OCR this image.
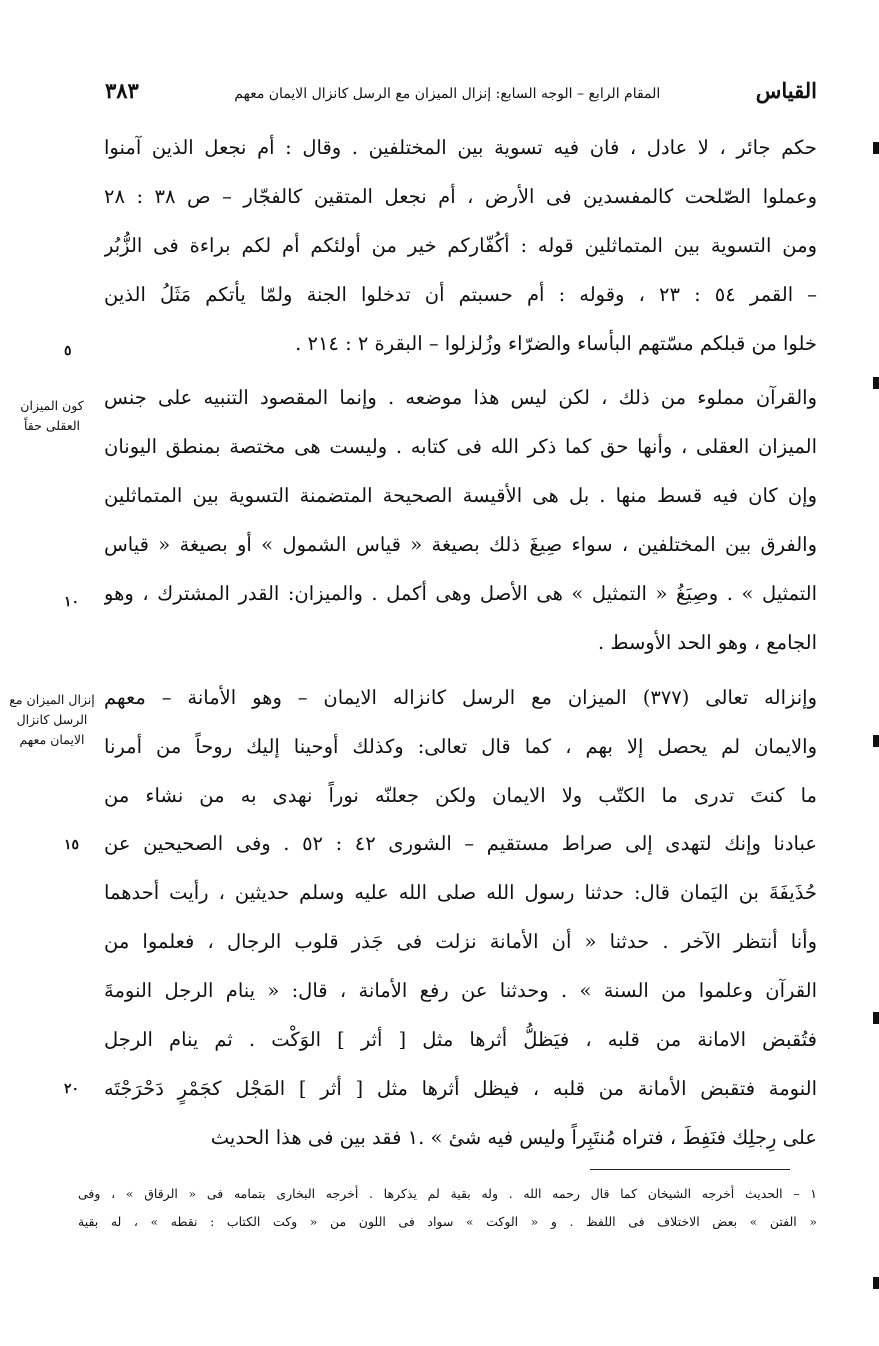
القياس
المقام الرابع – الوجه السابع: إنزال الميزان مع الرسل كانزال الايمان معهم
٣٨٣
حكم جائر ، لا عادل ، فان فيه تسوية بين المختلفين . وقال : أم نجعل الذين آمنوا
وعملوا الصّلحت كالمفسدين فى الأرض ، أم نجعل المتقين كالفجّار – ص ٣٨ : ٢٨
ومن التسوية بين المتماثلين قوله : أكُفّاركم خير من أولئكم أم لكم براءة فى الزُّبُر
– القمر ٥٤ : ٢٣ ، وقوله : أم حسبتم أن تدخلوا الجنة ولمّا يأتكم مَثَلُ الذين
خلوا من قبلكم مسّتهم البأساء والضرّاء وزُلزلوا – البقرة ٢ : ٢١٤ .
والقرآن مملوء من ذلك ، لكن ليس هذا موضعه . وإنما المقصود التنبيه على جنس
الميزان العقلى ، وأنها حق كما ذكر الله فى كتابه . وليست هى مختصة بمنطق اليونان
وإن كان فيه قسط منها . بل هى الأقيسة الصحيحة المتضمنة التسوية بين المتماثلين
والفرق بين المختلفين ، سواء صِيغَ ذلك بصيغة « قياس الشمول » أو بصيغة « قياس
التمثيل » . وصِيَغُ « التمثيل » هى الأصل وهى أكمل . والميزان: القدر المشترك ، وهو
الجامع ، وهو الحد الأوسط .
وإنزاله تعالى (٣٧٧) الميزان مع الرسل كانزاله الايمان – وهو الأمانة – معهم
والايمان لم يحصل إلا بهم ، كما قال تعالى: وكذلك أوحينا إليك روحاً من أمرنا
ما كنتَ تدرى ما الكتّب ولا الايمان ولكن جعلنّه نوراً نهدى به من نشاء من
عبادنا وإنك لتهدى إلى صراط مستقيم – الشورى ٤٢ : ٥٢ . وفى الصحيحين عن
حُذَيفَةَ بن اليَمان قال: حدثنا رسول الله صلى الله عليه وسلم حديثين ، رأيت أحدهما
وأنا أنتظر الآخر . حدثنا « أن الأمانة نزلت فى جَذر قلوب الرجال ، فعلموا من
القرآن وعلموا من السنة » . وحدثنا عن رفع الأمانة ، قال: « ينام الرجل النومةَ
فتُقبض الامانة من قلبه ، فيَظلُّ أثرها مثل [ أثر ] الوَكْت . ثم ينام الرجل
النومة فتقبض الأمانة من قلبه ، فيظل أثرها مثل [ أثر ] المَجْل كجَمْرٍ دَحْرَجْتَه
على رِجلِك فنَفِطَ ، فتراه مُنتَبِراً وليس فيه شئ » .١ فقد بين فى هذا الحديث
كون الميزان العقلى حقاً
إنزال الميزان مع الرسل كانزال الايمان معهم
٥
١٠
١٥
٢٠
١ – الحديث أخرجه الشيخان كما قال رحمه الله . وله بقية لم يذكرها . أخرجه البخارى بتمامه فى « الرقاق » ، وفى
« الفتن » بعض الاختلاف فى اللفظ . و « الوكت » سواد فى اللون من « وكت الكتاب : نقطه » ، له بقية
